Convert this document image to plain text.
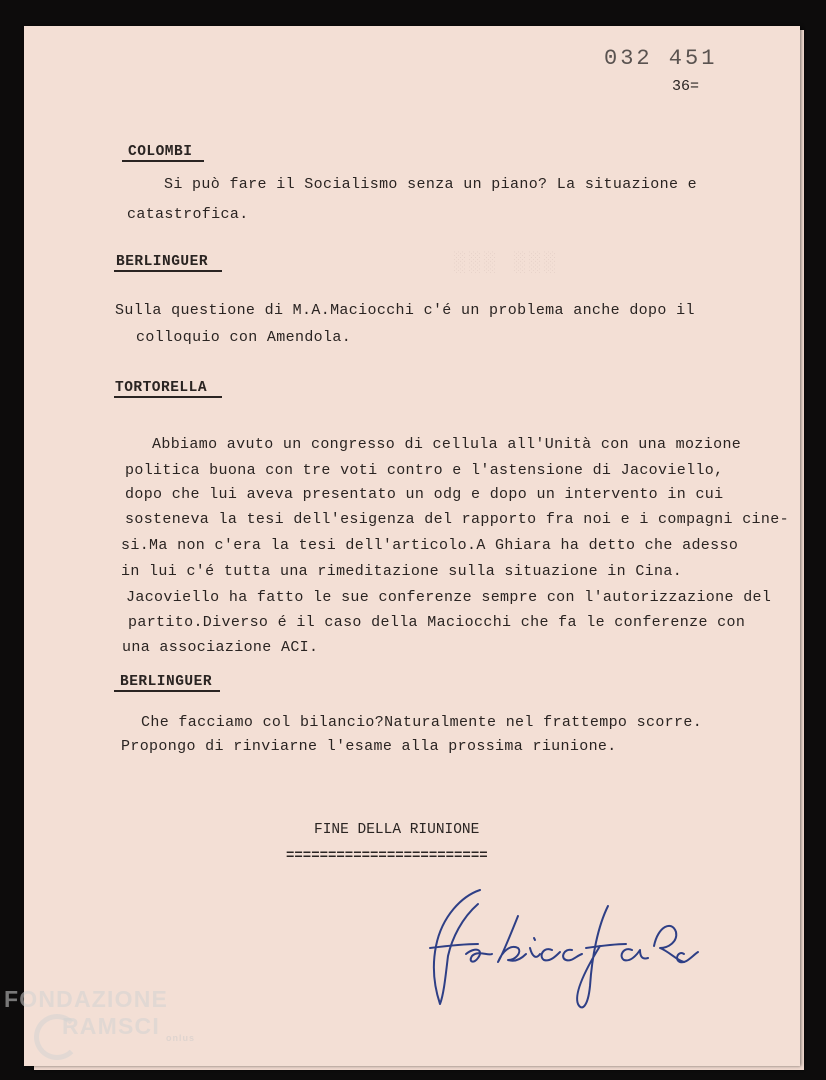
░░░ ░░░
032 451
36=
COLOMBI
Si può fare il Socialismo senza un piano? La situazione e
catastrofica.
BERLINGUER
Sulla questione di M.A.Maciocchi c'é un problema anche dopo il
colloquio con Amendola.
TORTORELLA
Abbiamo avuto un congresso di cellula all'Unità con una mozione
politica buona con tre voti contro e l'astensione di Jacoviello,
dopo che lui aveva presentato un odg e dopo un intervento in cui
sosteneva la tesi dell'esigenza del rapporto fra noi e i compagni cine-
si.Ma non c'era la tesi dell'articolo.A Ghiara ha detto che adesso
in lui c'é tutta una rimeditazione sulla situazione in Cina.
Jacoviello ha fatto le sue conferenze sempre con l'autorizzazione del
partito.Diverso é il caso della Maciocchi che fa le conferenze con
una associazione ACI.
BERLINGUER
Che facciamo col bilancio?Naturalmente nel frattempo scorre.
Propongo di rinviarne l'esame alla prossima riunione.
FINE DELLA RIUNIONE
========================
FONDAZIONE
RAMSCI onlus
